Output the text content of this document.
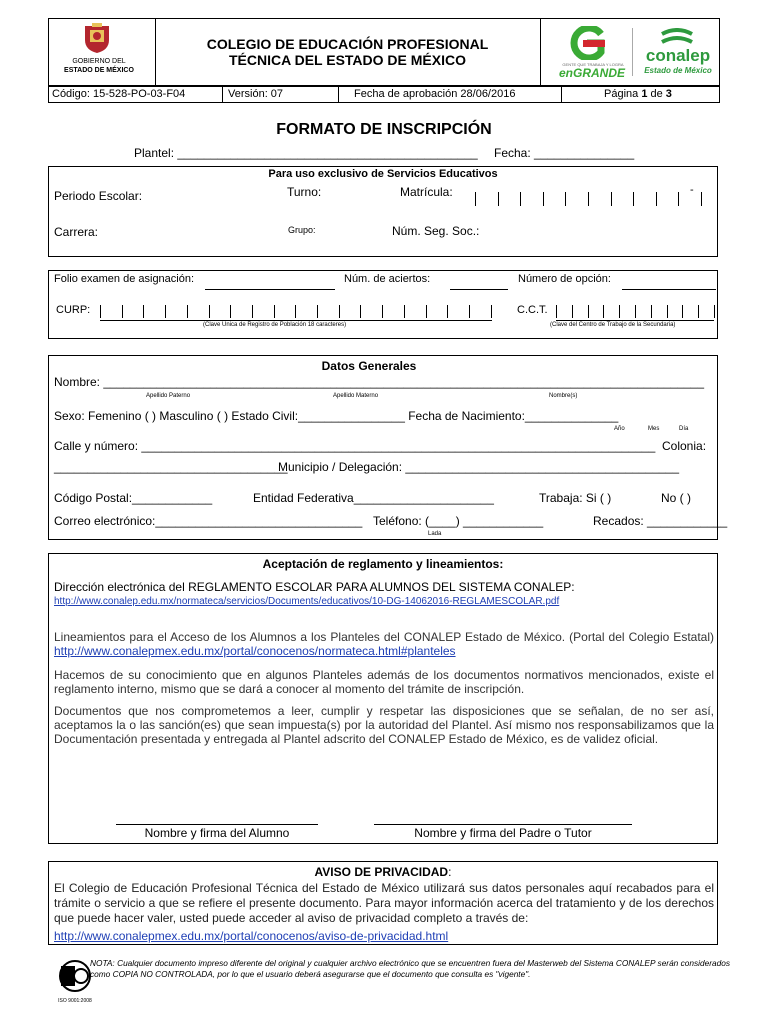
GOBIERNO DEL
ESTADO DE MÉXICO
COLEGIO DE EDUCACIÓN PROFESIONAL
TÉCNICA DEL ESTADO DE MÉXICO	GENTE QUE TRABAJA Y LOGRA
enGRANDE
conalep
Estado de México
Código: 15-528-PO-03-F04	Versión: 07	Fecha de aprobación 28/06/2016	Página 1 de 3
FORMATO DE INSCRIPCIÓN
Plantel: _____________________________________________ Fecha: _______________
Para uso exclusivo de Servicios Educativos
Periodo Escolar:	Turno:	Matrícula:	-
Carrera:	Grupo:	Núm. Seg. Soc.:
Folio examen de asignación:	Núm. de aciertos:	Número de opción:
CURP:
(Clave Unica de Registro de Población 18 caracteres)
C.C.T.
(Clave del Centro de Trabajo de la Secundaria)
Datos Generales
Nombre: __________________________________________________________________________________________
Apellido Paterno	Apellido Materno	Nombre(s)
Sexo: Femenino ( ) Masculino ( ) Estado Civil:________________ Fecha de Nacimiento:______________
Año	Mes	Día
Calle y número: _____________________________________________________________________________ Colonia:
___________________________________
Municipio / Delegación: _________________________________________
Código Postal:____________	Entidad Federativa_____________________	Trabaja: Si ( )	No ( )
Correo electrónico:_______________________________ Teléfono: (____) ____________	Recados: ____________
Lada
Aceptación de reglamento y lineamientos:
Dirección electrónica del REGLAMENTO ESCOLAR PARA ALUMNOS DEL SISTEMA CONALEP:
http://www.conalep.edu.mx/normateca/servicios/Documents/educativos/10-DG-14062016-REGLAMESCOLAR.pdf
Lineamientos para el Acceso de los Alumnos a los Planteles del CONALEP Estado de México. (Portal del Colegio Estatal) http://www.conalepmex.edu.mx/portal/conocenos/normateca.html#planteles
Hacemos de su conocimiento que en algunos Planteles además de los documentos normativos mencionados, existe el reglamento interno, mismo que se dará a conocer al momento del trámite de inscripción.
Documentos que nos comprometemos a leer, cumplir y respetar las disposiciones que se señalan, de no ser así, aceptamos la o las sanción(es) que sean impuesta(s) por la autoridad del Plantel. Así mismo nos responsabilizamos que la Documentación presentada y entregada al Plantel adscrito del CONALEP Estado de México, es de validez oficial.
Nombre y firma del Alumno	Nombre y firma del Padre o Tutor
AVISO DE PRIVACIDAD:
El Colegio de Educación Profesional Técnica del Estado de México utilizará sus datos personales aquí recabados para el trámite o servicio a que se refiere el presente documento. Para mayor información acerca del tratamiento y de los derechos que puede hacer valer, usted puede acceder al aviso de privacidad completo a través de:
http://www.conalepmex.edu.mx/portal/conocenos/aviso-de-privacidad.html
ISO 9001:2008
NOTA: Cualquier documento impreso diferente del original y cualquier archivo electrónico que se encuentren fuera del Masterweb del Sistema CONALEP serán considerados como COPIA NO CONTROLADA, por lo que el usuario deberá asegurarse que el documento que consulta es "vigente".
